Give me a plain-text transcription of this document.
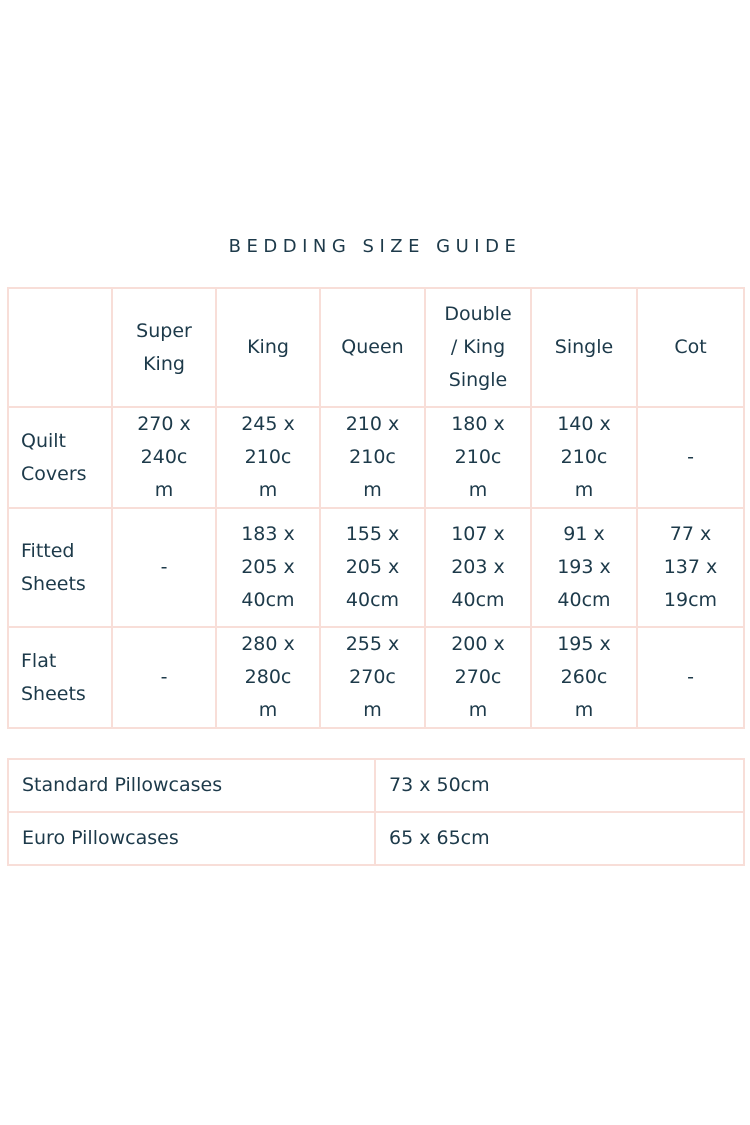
BEDDING SIZE GUIDE

	Super King	King	Queen	Double / King Single	Single	Cot

Quilt Covers	270 x 240cm	245 x 210cm	210 x 210cm	180 x 210cm	140 x 210cm	-

Fitted Sheets	-	183 x 205 x 40cm	155 x 205 x 40cm	107 x 203 x 40cm	91 x 193 x 40cm	77 x 137 x 19cm

Flat Sheets	-	280 x 280cm	255 x 270cm	200 x 270cm	195 x 260cm	-
Standard Pillowcases	73 x 50cm
Euro Pillowcases	65 x 65cm
